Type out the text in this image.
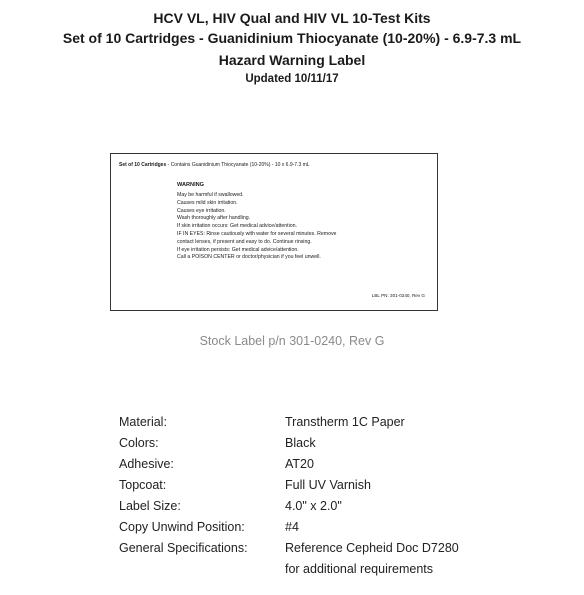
HCV VL, HIV Qual and HIV VL 10-Test Kits
Set of 10 Cartridges - Guanidinium Thiocyanate (10-20%) - 6.9-7.3 mL
Hazard Warning Label
Updated 10/11/17
Set of 10 Cartridges - Contains Guanidinium Thiocyanate (10-20%) - 10 x 6.9-7.3 mL
WARNING
May be harmful if swallowed.
Causes mild skin irritation.
Causes eye irritation.
Wash thoroughly after handling.
If skin irritation occurs: Get medical advice/attention.
IF IN EYES: Rinse cautiously with water for several minutes. Remove
contact lenses, if present and easy to do. Continue rinsing.
If eye irritation persists: Get medical advice/attention.
Call a POISON CENTER or doctor/physician if you feel unwell.
LBL PN: 301-0240, Rev G
Stock Label p/n 301-0240, Rev G
Material:	Transtherm 1C Paper
Colors:	Black
Adhesive:	AT20
Topcoat:	Full UV Varnish
Label Size:	4.0" x 2.0"
Copy Unwind Position:	#4
General Specifications:	Reference Cepheid Doc D7280
for additional requirements
